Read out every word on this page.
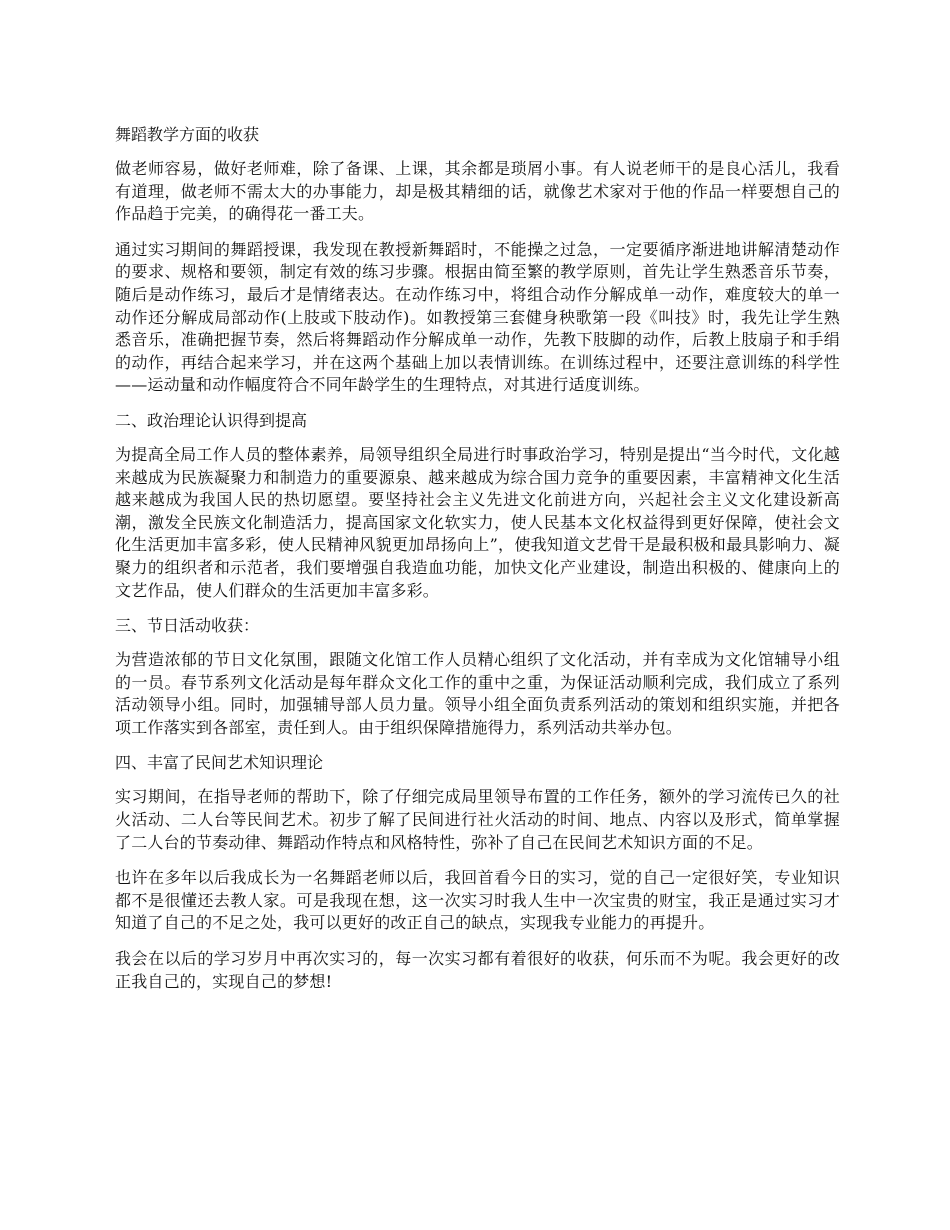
舞蹈教学方面的收获

做老师容易，做好老师难，除了备课、上课，其余都是琐屑小事。有人说老师干的是良心活儿，我看有道理，做老师不需太大的办事能力，却是极其精细的话，就像艺术家对于他的作品一样要想自己的作品趋于完美，的确得花一番工夫。

通过实习期间的舞蹈授课，我发现在教授新舞蹈时，不能操之过急，一定要循序渐进地讲解清楚动作的要求、规格和要领，制定有效的练习步骤。根据由简至繁的教学原则，首先让学生熟悉音乐节奏，随后是动作练习，最后才是情绪表达。在动作练习中，将组合动作分解成单一动作，难度较大的单一动作还分解成局部动作(上肢或下肢动作)。如教授第三套健身秧歌第一段《叫技》时，我先让学生熟悉音乐，准确把握节奏，然后将舞蹈动作分解成单一动作，先教下肢脚的动作，后教上肢扇子和手绢的动作，再结合起来学习，并在这两个基础上加以表情训练。在训练过程中，还要注意训练的科学性——运动量和动作幅度符合不同年龄学生的生理特点，对其进行适度训练。

二、政治理论认识得到提高

为提高全局工作人员的整体素养，局领导组织全局进行时事政治学习，特别是提出“当今时代，文化越来越成为民族凝聚力和制造力的重要源泉、越来越成为综合国力竞争的重要因素，丰富精神文化生活越来越成为我国人民的热切愿望。要坚持社会主义先进文化前进方向，兴起社会主义文化建设新高潮，激发全民族文化制造活力，提高国家文化软实力，使人民基本文化权益得到更好保障，使社会文化生活更加丰富多彩，使人民精神风貌更加昂扬向上”，使我知道文艺骨干是最积极和最具影响力、凝聚力的组织者和示范者，我们要增强自我造血功能，加快文化产业建设，制造出积极的、健康向上的文艺作品，使人们群众的生活更加丰富多彩。

三、节日活动收获：

为营造浓郁的节日文化氛围，跟随文化馆工作人员精心组织了文化活动，并有幸成为文化馆辅导小组的一员。春节系列文化活动是每年群众文化工作的重中之重，为保证活动顺利完成，我们成立了系列活动领导小组。同时，加强辅导部人员力量。领导小组全面负责系列活动的策划和组织实施，并把各项工作落实到各部室，责任到人。由于组织保障措施得力，系列活动共举办包。

四、丰富了民间艺术知识理论

实习期间，在指导老师的帮助下，除了仔细完成局里领导布置的工作任务，额外的学习流传已久的社火活动、二人台等民间艺术。初步了解了民间进行社火活动的时间、地点、内容以及形式，简单掌握了二人台的节奏动律、舞蹈动作特点和风格特性，弥补了自己在民间艺术知识方面的不足。

也许在多年以后我成长为一名舞蹈老师以后，我回首看今日的实习，觉的自己一定很好笑，专业知识都不是很懂还去教人家。可是我现在想，这一次实习时我人生中一次宝贵的财宝，我正是通过实习才知道了自己的不足之处，我可以更好的改正自己的缺点，实现我专业能力的再提升。

我会在以后的学习岁月中再次实习的，每一次实习都有着很好的收获，何乐而不为呢。我会更好的改正我自己的，实现自己的梦想!
